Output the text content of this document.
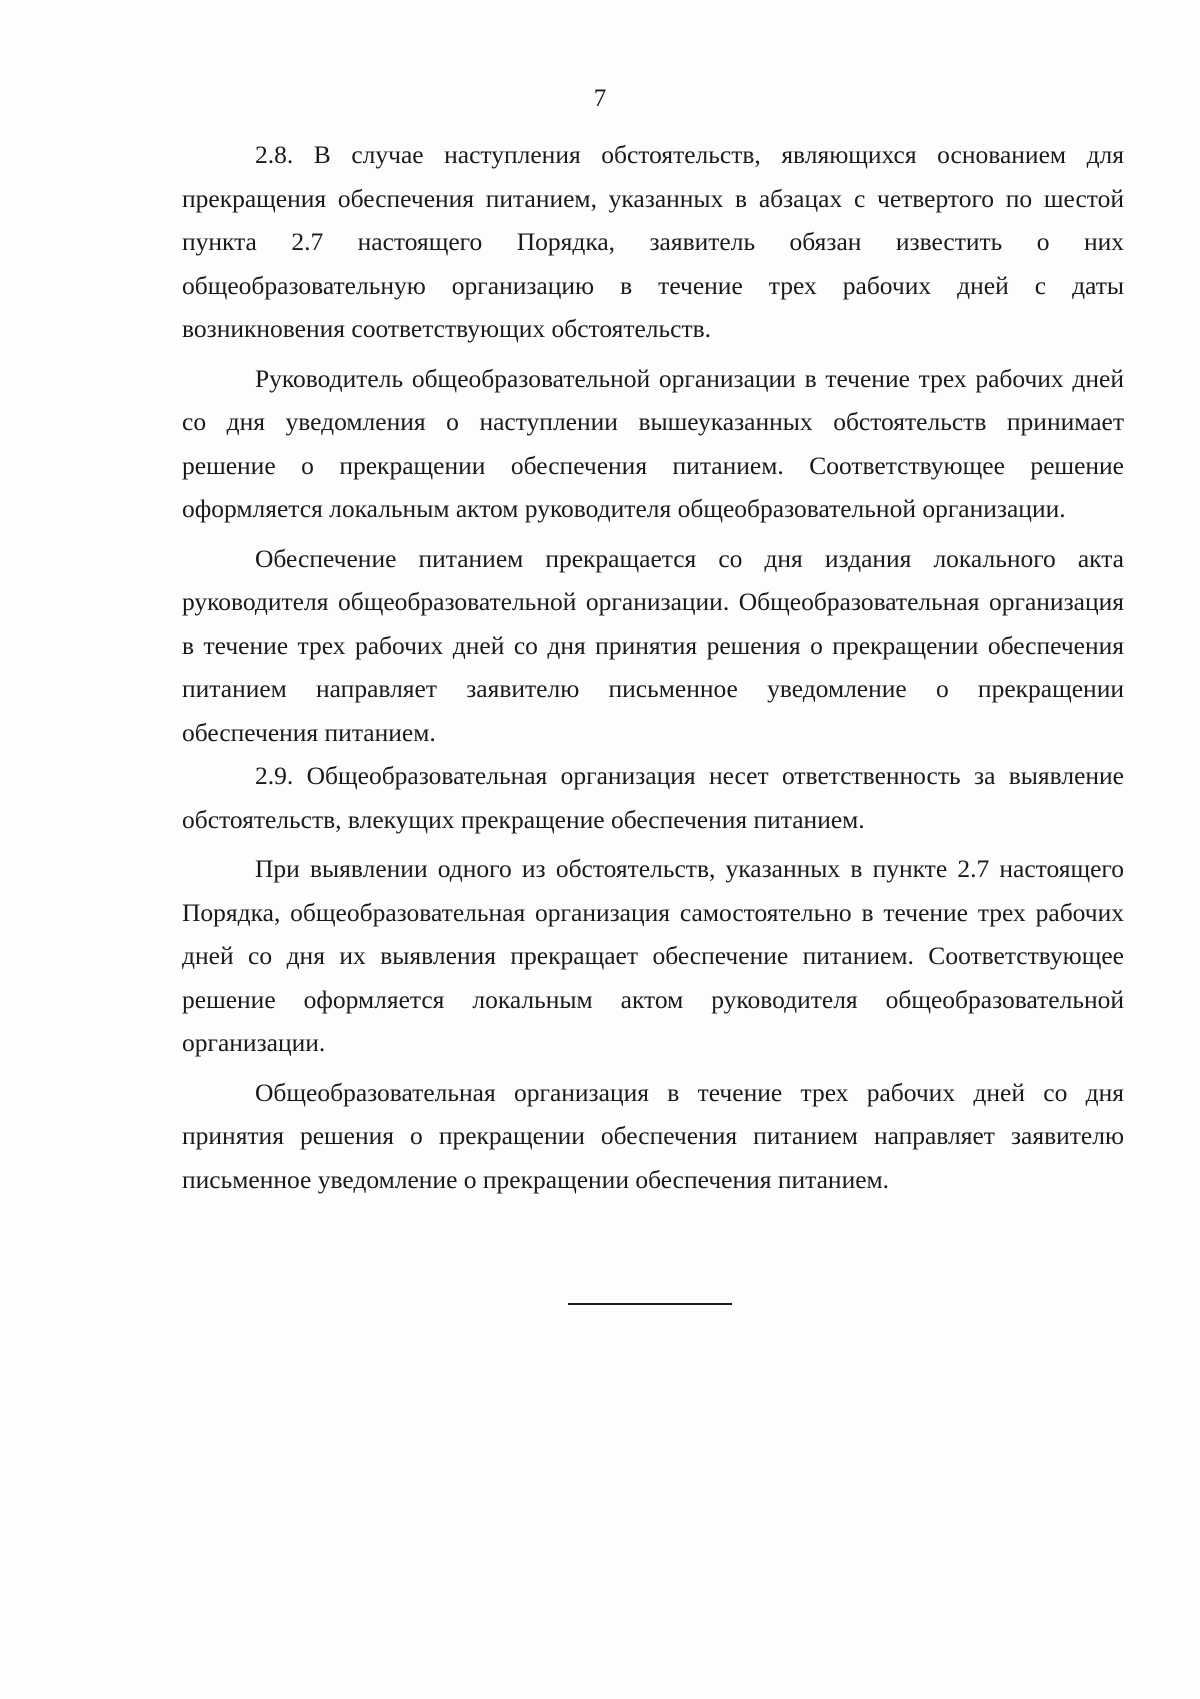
7

2.8. В случае наступления обстоятельств, являющихся основанием для прекращения обеспечения питанием, указанных в абзацах с четвертого по шестой пункта 2.7 настоящего Порядка, заявитель обязан известить о них общеобразовательную организацию в течение трех рабочих дней с даты возникновения соответствующих обстоятельств.

Руководитель общеобразовательной организации в течение трех рабочих дней со дня уведомления о наступлении вышеуказанных обстоятельств принимает решение о прекращении обеспечения питанием. Соответствующее решение оформляется локальным актом руководителя общеобразовательной организации.

Обеспечение питанием прекращается со дня издания локального акта руководителя общеобразовательной организации. Общеобразовательная организация в течение трех рабочих дней со дня принятия решения о прекращении обеспечения питанием направляет заявителю письменное уведомление о прекращении обеспечения питанием.

2.9. Общеобразовательная организация несет ответственность за выявление обстоятельств, влекущих прекращение обеспечения питанием.

При выявлении одного из обстоятельств, указанных в пункте 2.7 настоящего Порядка, общеобразовательная организация самостоятельно в течение трех рабочих дней со дня их выявления прекращает обеспечение питанием. Соответствующее решение оформляется локальным актом руководителя общеобразовательной организации.

Общеобразовательная организация в течение трех рабочих дней со дня принятия решения о прекращении обеспечения питанием направляет заявителю письменное уведомление о прекращении обеспечения питанием.
